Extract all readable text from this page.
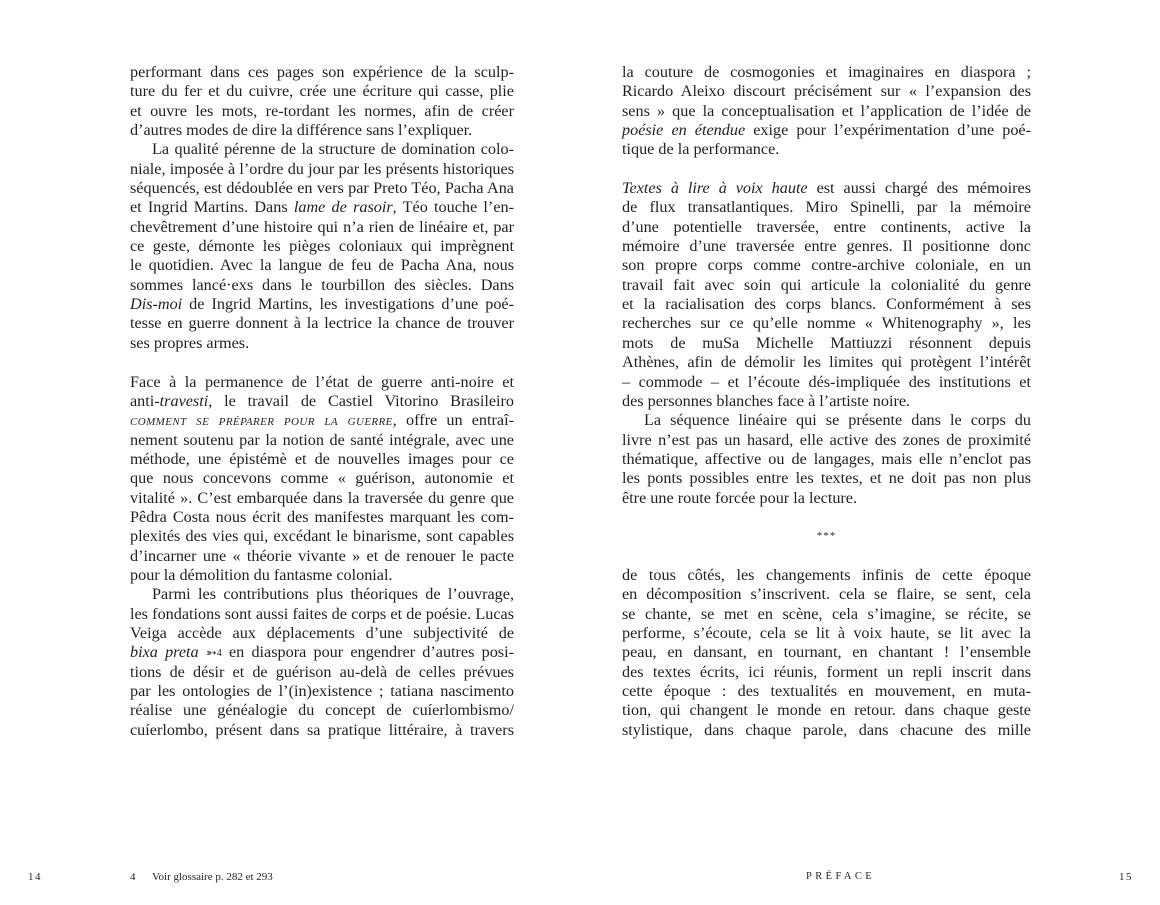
performant dans ces pages son expérience de la sculp-
ture du fer et du cuivre, crée une écriture qui casse, plie
et ouvre les mots, re-tordant les normes, afin de créer
d’autres modes de dire la différence sans l’expliquer.
La qualité pérenne de la structure de domination colo-
niale, imposée à l’ordre du jour par les présents historiques
séquencés, est dédoublée en vers par Preto Téo, Pacha Ana
et Ingrid Martins. Dans lame de rasoir, Téo touche l’en-
chevêtrement d’une histoire qui n’a rien de linéaire et, par
ce geste, démonte les pièges coloniaux qui imprègnent
le quotidien. Avec la langue de feu de Pacha Ana, nous
sommes lancé·exs dans le tourbillon des siècles. Dans
Dis-moi de Ingrid Martins, les investigations d’une poé-
tesse en guerre donnent à la lectrice la chance de trouver
ses propres armes.
Face à la permanence de l’état de guerre anti-noire et
anti-travesti, le travail de Castiel Vitorino Brasileiro
comment se préparer pour la guerre, offre un entraî-
nement soutenu par la notion de santé intégrale, avec une
méthode, une épistémè et de nouvelles images pour ce
que nous concevons comme « guérison, autonomie et
vitalité ». C’est embarquée dans la traversée du genre que
Pêdra Costa nous écrit des manifestes marquant les com-
plexités des vies qui, excédant le binarisme, sont capables
d’incarner une « théorie vivante » et de renouer le pacte
pour la démolition du fantasme colonial.
Parmi les contributions plus théoriques de l’ouvrage,
les fondations sont aussi faites de corps et de poésie. Lucas
Veiga accède aux déplacements d’une subjectivité de
bixa preta ➳$^4$ en diaspora pour engendrer d’autres posi-
tions de désir et de guérison au-delà de celles prévues
par les ontologies de l’(in)existence ; tatiana nascimento
réalise une généalogie du concept de cuíerlombismo/
cuíerlombo, présent dans sa pratique littéraire, à travers
14	4 Voir glossaire p. 282 et 293
la couture de cosmogonies et imaginaires en diaspora ;
Ricardo Aleixo discourt précisément sur « l’expansion des
sens » que la conceptualisation et l’application de l’idée de
poésie en étendue exige pour l’expérimentation d’une poé-
tique de la performance.
Textes à lire à voix haute est aussi chargé des mémoires
de flux transatlantiques. Miro Spinelli, par la mémoire
d’une potentielle traversée, entre continents, active la
mémoire d’une traversée entre genres. Il positionne donc
son propre corps comme contre-archive coloniale, en un
travail fait avec soin qui articule la colonialité du genre
et la racialisation des corps blancs. Conformément à ses
recherches sur ce qu’elle nomme « Whitenography », les
mots de muSa Michelle Mattiuzzi résonnent depuis
Athènes, afin de démolir les limites qui protègent l’intérêt
– commode – et l’écoute dés-impliquée des institutions et
des personnes blanches face à l’artiste noire.
La séquence linéaire qui se présente dans le corps du
livre n’est pas un hasard, elle active des zones de proximité
thématique, affective ou de langages, mais elle n’enclot pas
les ponts possibles entre les textes, et ne doit pas non plus
être une route forcée pour la lecture.
***
de tous côtés, les changements infinis de cette époque
en décomposition s’inscrivent. cela se flaire, se sent, cela
se chante, se met en scène, cela s’imagine, se récite, se
performe, s’écoute, cela se lit à voix haute, se lit avec la
peau, en dansant, en tournant, en chantant ! l’ensemble
des textes écrits, ici réunis, forment un repli inscrit dans
cette époque : des textualités en mouvement, en muta-
tion, qui changent le monde en retour. dans chaque geste
stylistique, dans chaque parole, dans chacune des mille
PRÉFACE	15
